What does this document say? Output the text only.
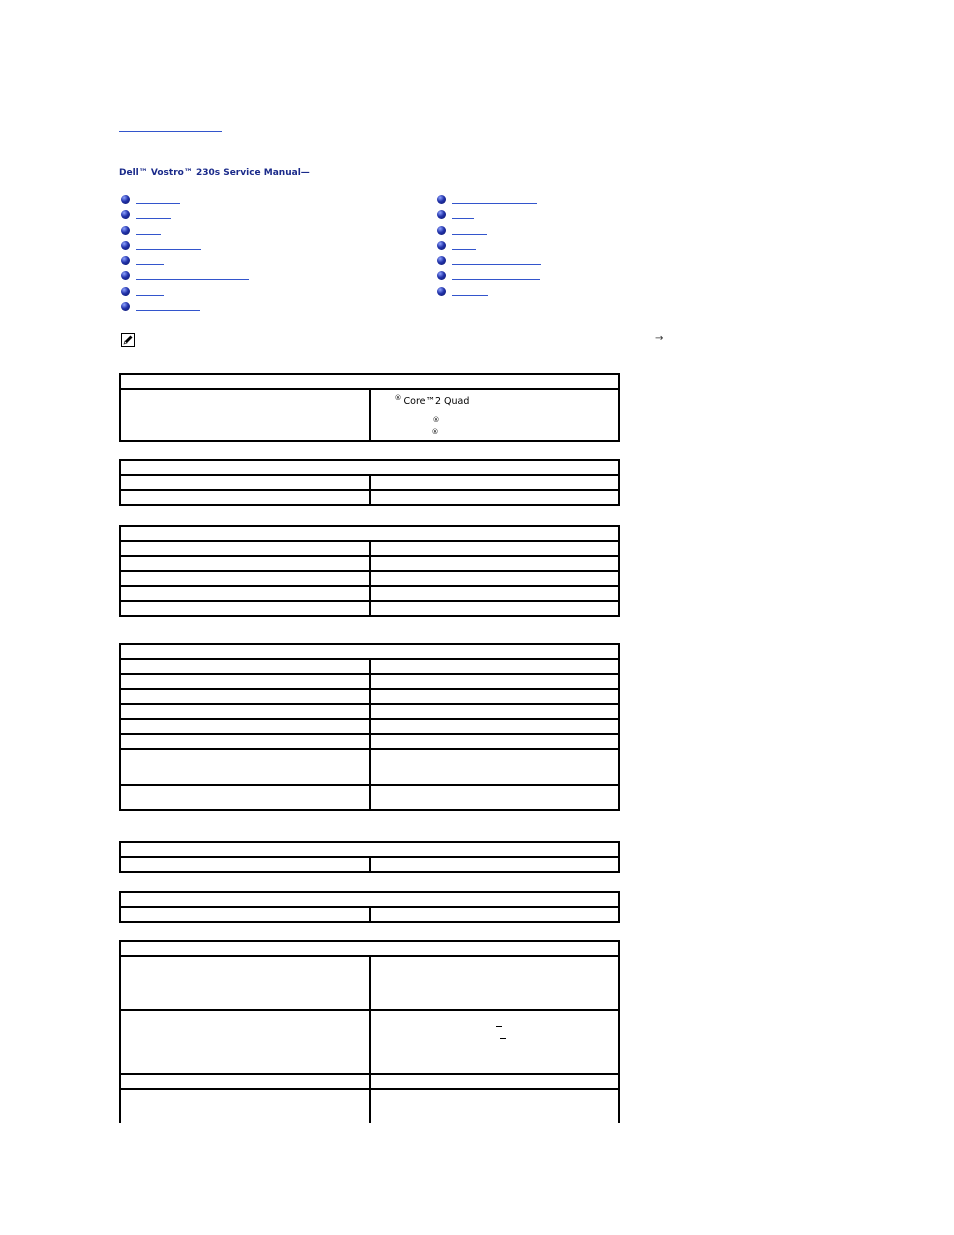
Dell™ Vostro™ 230s Service Manual—
→

® Core™2 Quad
®
®
